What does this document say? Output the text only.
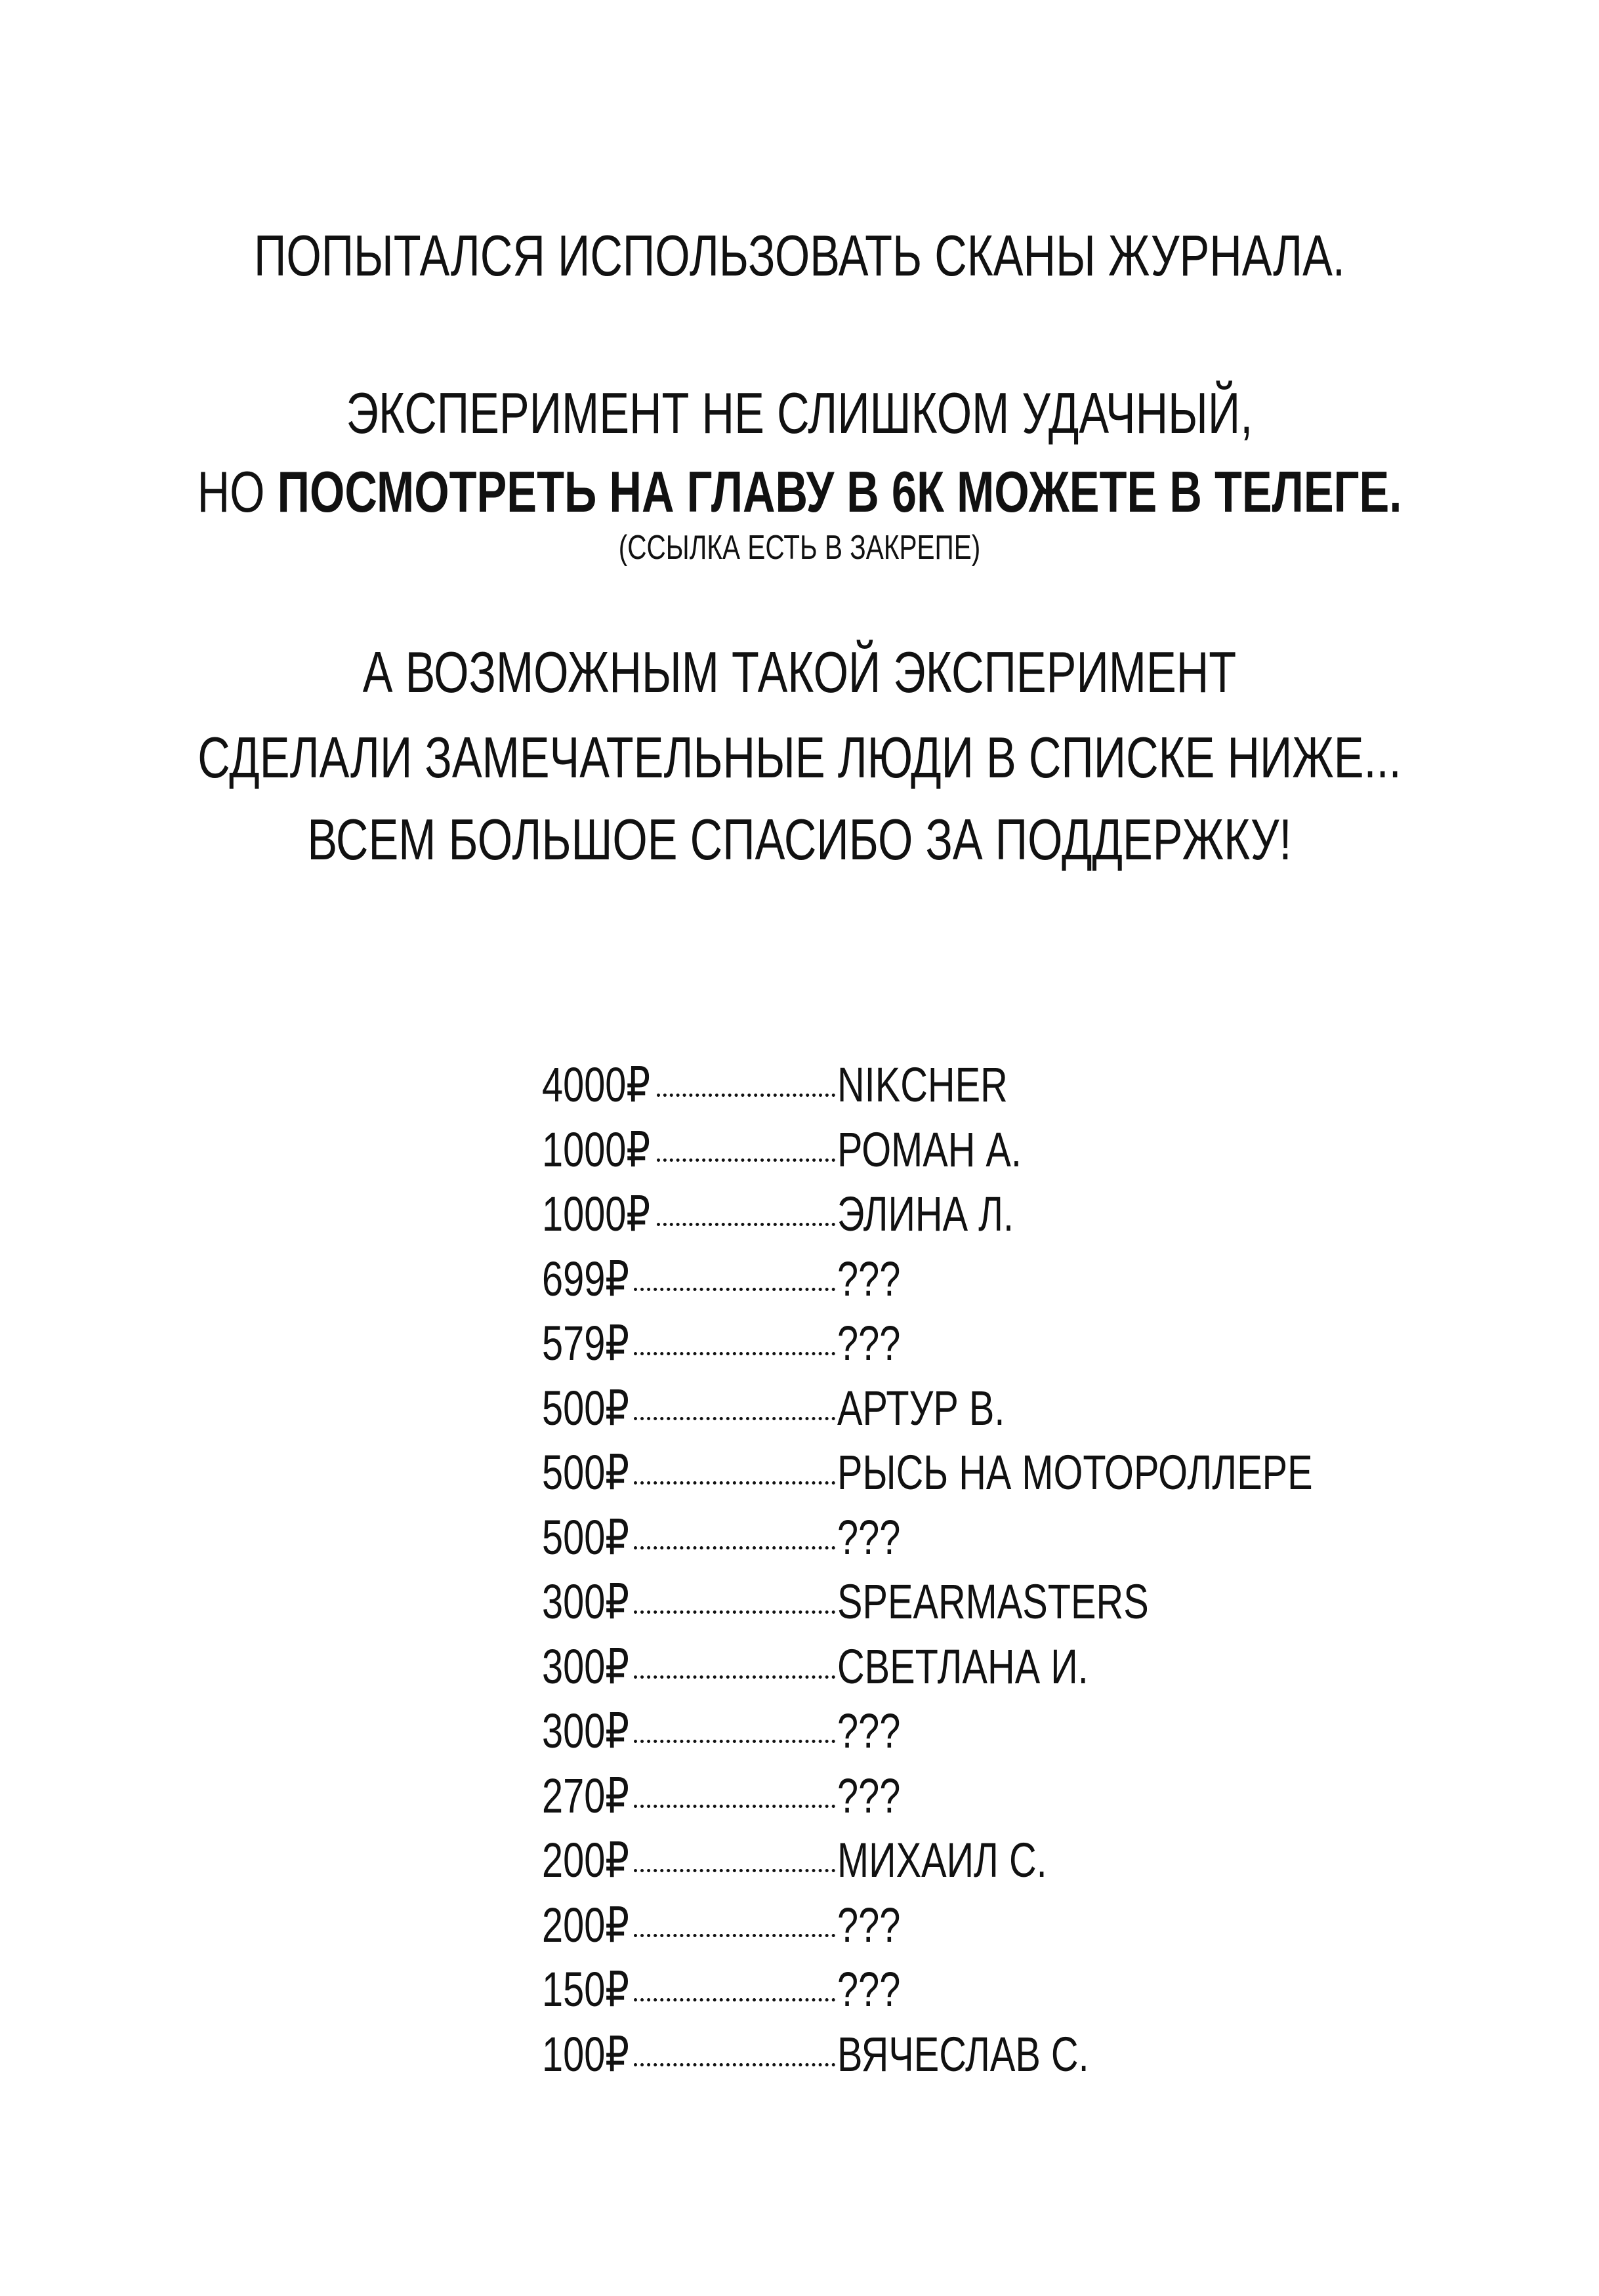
ПОПЫТАЛСЯ ИСПОЛЬЗОВАТЬ СКАНЫ ЖУРНАЛА.
ЭКСПЕРИМЕНТ НЕ СЛИШКОМ УДАЧНЫЙ,
НО ПОСМОТРЕТЬ НА ГЛАВУ В 6К МОЖЕТЕ В ТЕЛЕГЕ.
(ССЫЛКА ЕСТЬ В ЗАКРЕПЕ)
А ВОЗМОЖНЫМ ТАКОЙ ЭКСПЕРИМЕНТ
СДЕЛАЛИ ЗАМЕЧАТЕЛЬНЫЕ ЛЮДИ В СПИСКЕ НИЖЕ...
ВСЕМ БОЛЬШОЕ СПАСИБО ЗА ПОДДЕРЖКУ!
4000₽	NIKCHER
1000₽	РОМАН А.
1000₽	ЭЛИНА Л.
699₽	???
579₽	???
500₽	АРТУР В.
500₽	РЫСЬ НА МОТОРОЛЛЕРЕ
500₽	???
300₽	SPEARMASTERS
300₽	СВЕТЛАНА И.
300₽	???
270₽	???
200₽	МИХАИЛ С.
200₽	???
150₽	???
100₽	ВЯЧЕСЛАВ С.
